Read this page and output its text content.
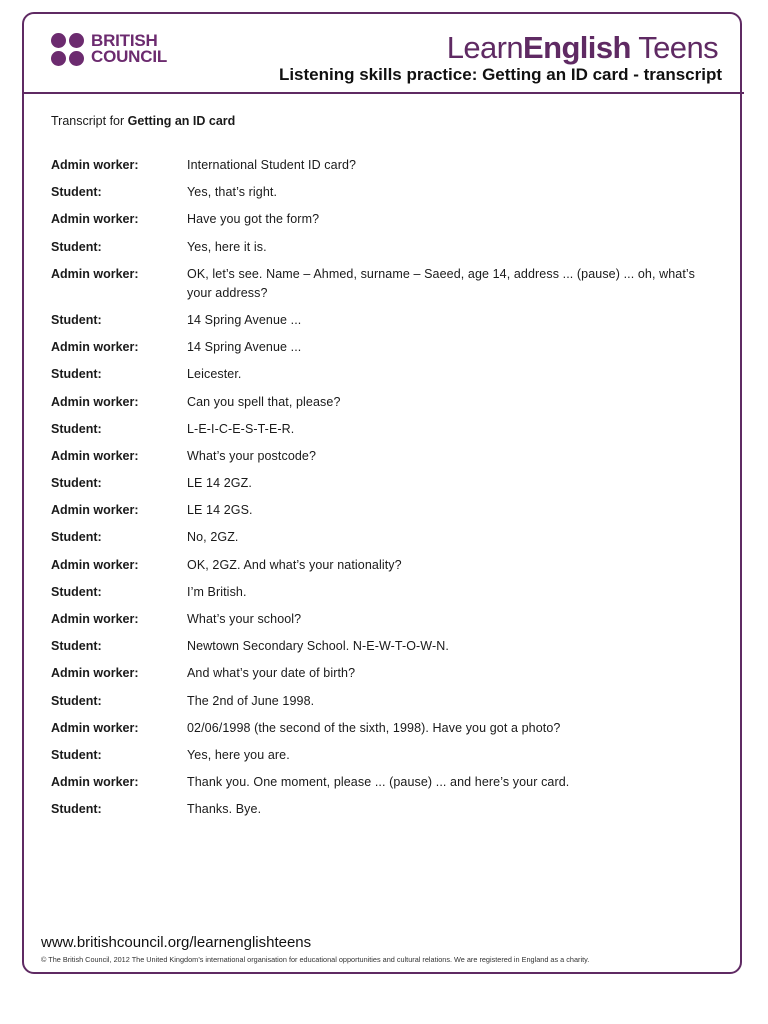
BRITISH
COUNCIL	LearnEnglish Teens
Listening skills practice: Getting an ID card - transcript
Transcript for Getting an ID card
Admin worker:	International Student ID card?
Student:	Yes, that’s right.
Admin worker:	Have you got the form?
Student:	Yes, here it is.
Admin worker:	OK, let’s see. Name – Ahmed, surname – Saeed, age 14, address ... (pause) ... oh, what’s your address?
Student:	14 Spring Avenue ...
Admin worker:	14 Spring Avenue ...
Student:	Leicester.
Admin worker:	Can you spell that, please?
Student:	L-E-I-C-E-S-T-E-R.
Admin worker:	What’s your postcode?
Student:	LE 14 2GZ.
Admin worker:	LE 14 2GS.
Student:	No, 2GZ.
Admin worker:	OK, 2GZ. And what’s your nationality?
Student:	I’m British.
Admin worker:	What’s your school?
Student:	Newtown Secondary School. N-E-W-T-O-W-N.
Admin worker:	And what’s your date of birth?
Student:	The 2nd of June 1998.
Admin worker:	02/06/1998 (the second of the sixth, 1998). Have you got a photo?
Student:	Yes, here you are.
Admin worker:	Thank you. One moment, please ... (pause) ... and here’s your card.
Student:	Thanks. Bye.
www.britishcouncil.org/learnenglishteens
© The British Council, 2012 The United Kingdom’s international organisation for educational opportunities and cultural relations. We are registered in England as a charity.
